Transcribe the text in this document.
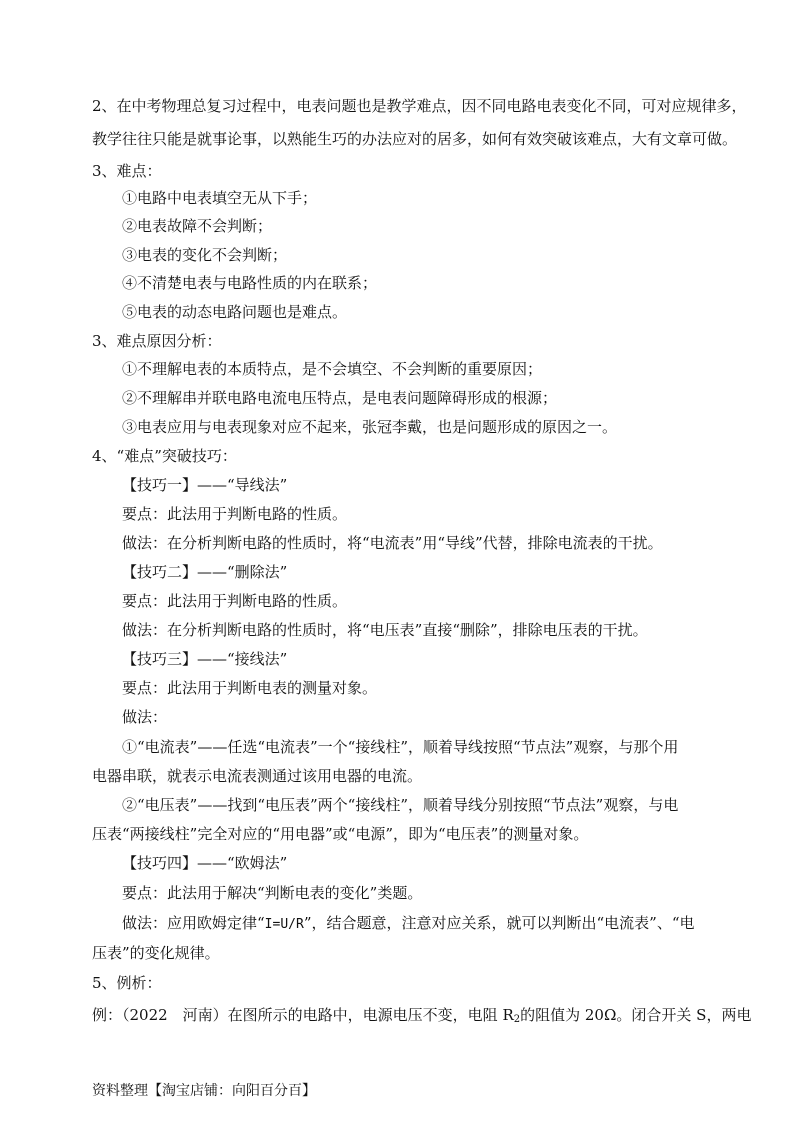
2、在中考物理总复习过程中，电表问题也是教学难点，因不同电路电表变化不同，可对应规律多，
教学往往只能是就事论事，以熟能生巧的办法应对的居多，如何有效突破该难点，大有文章可做。
3、难点：
①电路中电表填空无从下手；
②电表故障不会判断；
③电表的变化不会判断；
④不清楚电表与电路性质的内在联系；
⑤电表的动态电路问题也是难点。
3、难点原因分析：
①不理解电表的本质特点，是不会填空、不会判断的重要原因；
②不理解串并联电路电流电压特点，是电表问题障碍形成的根源；
③电表应用与电表现象对应不起来，张冠李戴，也是问题形成的原因之一。
4、“难点”突破技巧：
【技巧一】——“导线法”
要点：此法用于判断电路的性质。
做法：在分析判断电路的性质时，将“电流表”用“导线”代替，排除电流表的干扰。
【技巧二】——“删除法”
要点：此法用于判断电路的性质。
做法：在分析判断电路的性质时，将“电压表”直接“删除”，排除电压表的干扰。
【技巧三】——“接线法”
要点：此法用于判断电表的测量对象。
做法：
①“电流表”——任选“电流表”一个“接线柱”，顺着导线按照“节点法”观察，与那个用
电器串联，就表示电流表测通过该用电器的电流。
②“电压表”——找到“电压表”两个“接线柱”，顺着导线分别按照“节点法”观察，与电
压表“两接线柱”完全对应的“用电器”或“电源”，即为“电压表”的测量对象。
【技巧四】——“欧姆法”
要点：此法用于解决“判断电表的变化”类题。
做法：应用欧姆定律“I=U/R”，结合题意，注意对应关系，就可以判断出“电流表”、“电
压表”的变化规律。
5、例析：
例：（2022　河南）在图所示的电路中，电源电压不变，电阻 $R_2$的阻值为 20Ω。闭合开关 S，两电
资料整理【淘宝店铺：向阳百分百】
